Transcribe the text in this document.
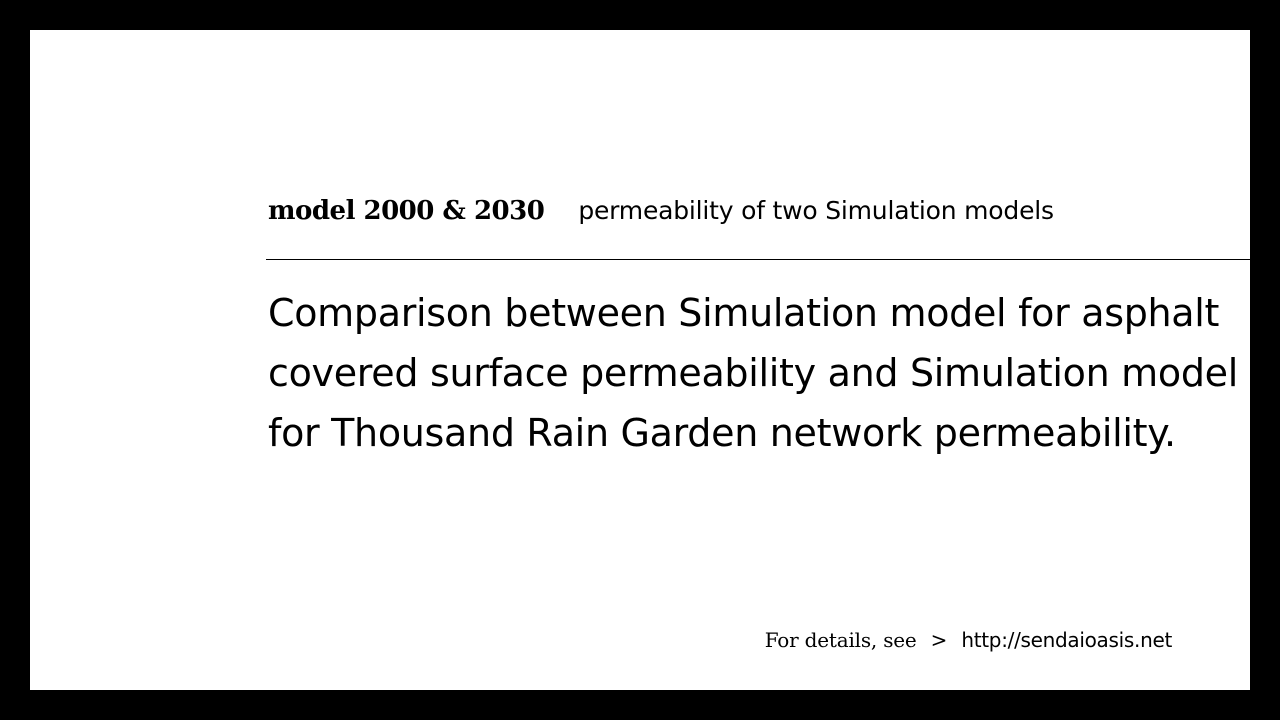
model 2000 & 2030 permeability of two Simulation models

Comparison between Simulation model for asphalt
covered surface permeability and Simulation model
for Thousand Rain Garden network permeability.

For details, see > http://sendaioasis.net
